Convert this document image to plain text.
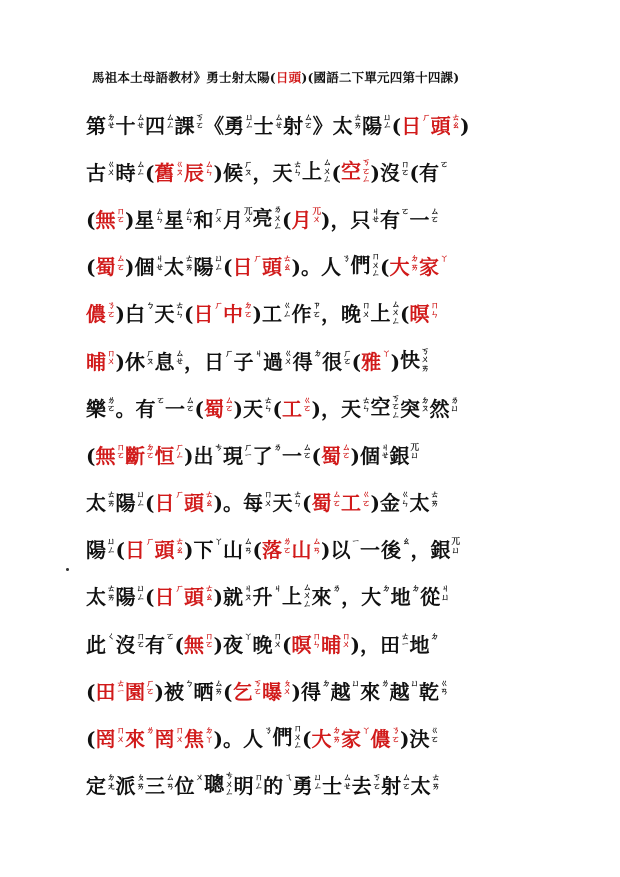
馬祖本土母語教材》勇士射太陽(日頭)(國語二下單元四第十四課)
第 ㄉ
ㄝ 十 ㄙ
ㄝ 四 ㄙ
ㄥ 課 ㄎ
ㄛ 《 勇 ㄩ
ㄥ 士 ㄙ
ㄝ 射 ㄙ
ㄛ 》 太 ㄊ
ㄞ 陽 ㄩ
ㄥ ( 日 ㄏ 頭 ㄊ
ㄠ )
古 ㄍ
ㄨ 時 ㄙ
ㄥ ( 舊 ㄍ
ㄡ 辰 ㄙ
ㄣ ) 候 ㄏ
ㄡ ， 天 ㄊ
ㄣ 上 ㄙ
ㄨ
ㄥ ( 空 ㄎ
ㄛ
ㄥ ) 沒 ㄇ
ㄛ ( 有 ㄛ
( 無 ㄇ
ㄛ ) 星 ㄙ
ㄣ 星 ㄙ
ㄣ 和 ㄏ
ㄨ 月 ㄫ
ㄨ 亮 ㄌ
ㄨ
ㄥ ( 月 ㄫ
ㄨ ) ， 只 ㄐ
ㄝ 有 ㄛ 一 ㄙ
ㄛ
( 蜀 ㄙ
ㄛ ) 個 ㄐ
ㄝ 太 ㄊ
ㄞ 陽 ㄩ
ㄥ ( 日 ㄏ 頭 ㄊ
ㄠ ) 。 人 ㄋ 們 ㄇ
ㄨ
ㄥ ( 大 ㄉ
ㄞ 家 ㄚ
儂 ㄋ
ㄛ ) 白 ㄅ 天 ㄊ
ㄣ ( 日 ㄏ 中 ㄉ
ㄛ ) 工 ㄍ
ㄥ 作 ㄗ
ㄛ ， 晚 ㄇ
ㄨ 上 ㄙ
ㄨ
ㄥ ( 暝 ㄇ
ㄣ
晡 ㄇ
ㄨ ) 休 ㄏ
ㄡ 息 ㄙ
ㄝ ， 日 ㄏ 子 ㄐ 過 ㄍ
ㄨ 得 ㄉ 很 ㄏ
ㄛ ( 雅 ㄚ ) 快 ㄎ
ㄨ
ㄞ
樂 ㄌ
ㄛ 。 有 ㄛ 一 ㄙ
ㄛ ( 蜀 ㄙ
ㄛ ) 天 ㄊ
ㄣ ( 工 ㄍ
ㄛ ) ， 天 ㄊ
ㄣ 空 ㄎ
ㄛ
ㄥ 突 ㄉ
ㄡ 然 ㄌ
ㄩ
( 無 ㄇ
ㄛ 斷 ㄉ
ㄛ 恒 ㄏ
ㄥ ) 出 ㄘ 現 ㄏ
ㄧ 了 ㄌ 一 ㄙ
ㄛ ( 蜀 ㄙ
ㄛ ) 個 ㄐ
ㄝ 銀 ㄫ
ㄩ
太 ㄊ
ㄞ 陽 ㄩ
ㄥ ( 日 ㄏ 頭 ㄊ
ㄠ ) 。 每 ㄇ
ㄨ 天 ㄊ
ㄣ ( 蜀 ㄙ
ㄛ 工 ㄍ
ㄛ ) 金 ㄍ
ㄣ 太 ㄊ
ㄞ
陽 ㄩ
ㄥ ( 日 ㄏ 頭 ㄊ
ㄠ ) 下 ㄚ 山 ㄙ
ㄢ ( 落 ㄌ
ㄛ 山 ㄙ
ㄢ ) 以 ㄧ 一 後 ㄠ ， 銀 ㄫ
ㄩ
太 ㄊ
ㄞ 陽 ㄩ
ㄥ ( 日 ㄏ 頭 ㄊ
ㄠ ) 就 ㄐ
ㄡ 升 ㄐ 上 ㄙ
ㄨ
ㄥ 來 ㄌ ， 大 ㄉ 地 ㄉ 從 ㄐ
ㄩ
此 ㄑ 沒 ㄇ
ㄛ 有 ㄛ ( 無 ㄇ
ㄛ ) 夜 ㄚ 晚 ㄇ
ㄨ ( 暝 ㄇ
ㄣ 晡 ㄇ
ㄨ ) ， 田 ㄊ
ㄧ 地 ㄉ
( 田 ㄊ
ㄧ 園 ㄏ
ㄛ ) 被 ㄅ 晒 ㄙ
ㄞ ( 乞 ㄎ
ㄛ 曝 ㄆ
ㄨ ) 得 ㄉ 越 ㄩ 來 ㄌ 越 ㄩ 乾 ㄍ
ㄢ
( 罔 ㄇ
ㄨ 來 ㄌ 罔 ㄇ
ㄨ 焦 ㄉ
ㄚ ) 。 人 ㄋ 們 ㄇ
ㄨ
ㄥ ( 大 ㄉ
ㄞ 家 ㄚ 儂 ㄋ
ㄛ ) 決 ㄍ
ㄛ
定 ㄉ
ㄤ 派 ㄆ
ㄞ 三 ㄙ
ㄢ 位 ㄨ 聰 ㄘ
ㄨ
ㄥ 明 ㄇ
ㄥ 的 ㄟ 勇 ㄩ
ㄥ 士 ㄙ
ㄝ 去 ㄎ
ㄛ 射 ㄙ
ㄛ 太 ㄊ
ㄞ
